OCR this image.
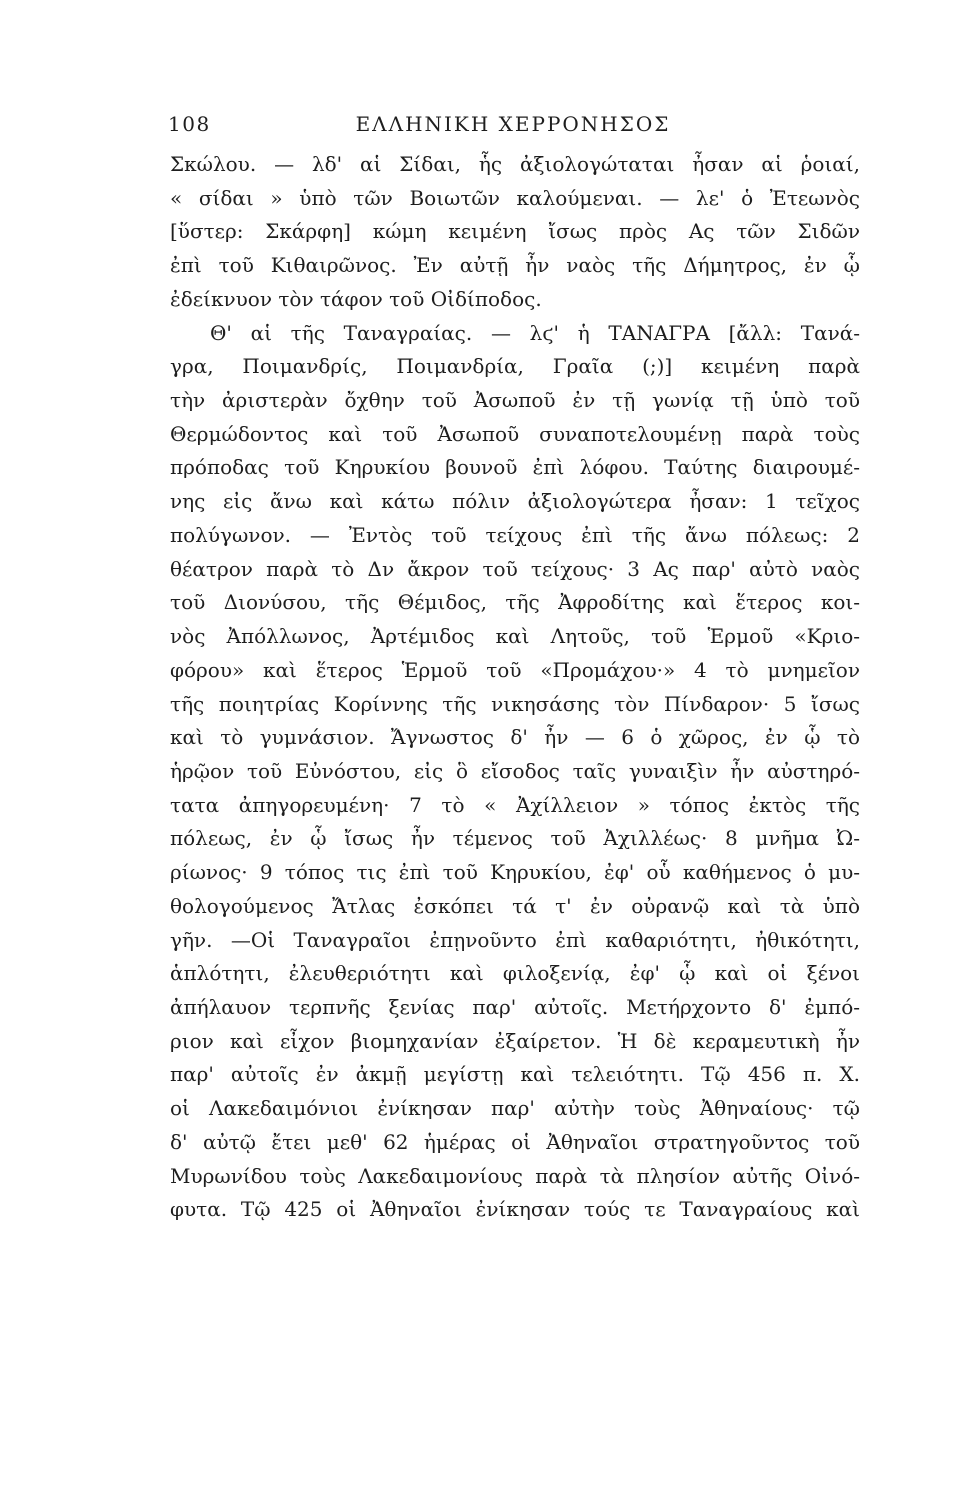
108	ΕΛΛΗΝΙΚΗ ΧΕΡΡΟΝΗΣΟΣ
Σκώλου. — λδ' αἱ Σίδαι, ἧς ἀξιολογώταται ἦσαν αἱ ῥοιαί,
« σίδαι » ὑπὸ τῶν Βοιωτῶν καλούμεναι. — λε' ὁ Ἐτεωνὸς
[ὕστερ: Σκάρφη] κώμη κειμένη ἴσως πρὸς Ας τῶν Σιδῶν
ἐπὶ τοῦ Κιθαιρῶνος. Ἐν αὐτῇ ἦν ναὸς τῆς Δήμητρος, ἐν ᾧ
ἐδείκνυον τὸν τάφον τοῦ Οἰδίποδος.
Θ' αἱ τῆς Ταναγραίας. — λϛ' ἡ ΤΑΝΑΓΡΑ [ἄλλ: Τανά-
γρα, Ποιμανδρίς, Ποιμανδρία, Γραῖα (;)] κειμένη παρὰ
τὴν ἀριστερὰν ὄχθην τοῦ Ἀσωποῦ ἐν τῇ γωνίᾳ τῇ ὑπὸ τοῦ
Θερμώδοντος καὶ τοῦ Ἀσωποῦ συναποτελουμένῃ παρὰ τοὺς
πρόποδας τοῦ Κηρυκίου βουνοῦ ἐπὶ λόφου. Ταύτης διαιρουμέ-
νης εἰς ἄνω καὶ κάτω πόλιν ἀξιολογώτερα ἦσαν: 1 τεῖχος
πολύγωνον. — Ἐντὸς τοῦ τείχους ἐπὶ τῆς ἄνω πόλεως: 2
θέατρον παρὰ τὸ Δν ἄκρον τοῦ τείχους· 3 Ας παρ' αὐτὸ ναὸς
τοῦ Διονύσου, τῆς Θέμιδος, τῆς Ἀφροδίτης καὶ ἕτερος κοι-
νὸς Ἀπόλλωνος, Ἀρτέμιδος καὶ Λητοῦς, τοῦ Ἑρμοῦ «Κριο-
φόρου» καὶ ἕτερος Ἑρμοῦ τοῦ «Προμάχου·» 4 τὸ μνημεῖον
τῆς ποιητρίας Κορίννης τῆς νικησάσης τὸν Πίνδαρον· 5 ἴσως
καὶ τὸ γυμνάσιον. Ἄγνωστος δ' ἦν — 6 ὁ χῶρος, ἐν ᾧ τὸ
ἡρῷον τοῦ Εὐνόστου, εἰς ὃ εἴσοδος ταῖς γυναιξὶν ἦν αὐστηρό-
τατα ἀπηγορευμένη· 7 τὸ « Ἀχίλλειον » τόπος ἐκτὸς τῆς
πόλεως, ἐν ᾧ ἴσως ἦν τέμενος τοῦ Ἀχιλλέως· 8 μνῆμα Ὠ-
ρίωνος· 9 τόπος τις ἐπὶ τοῦ Κηρυκίου, ἐφ' οὗ καθήμενος ὁ μυ-
θολογούμενος Ἄτλας ἐσκόπει τά τ' ἐν οὐρανῷ καὶ τὰ ὑπὸ
γῆν. —Οἱ Ταναγραῖοι ἐπῃνοῦντο ἐπὶ καθαριότητι, ἠθικότητι,
ἁπλότητι, ἐλευθεριότητι καὶ φιλοξενίᾳ, ἐφ' ᾧ καὶ οἱ ξένοι
ἀπήλαυον τερπνῆς ξενίας παρ' αὐτοῖς. Μετήρχοντο δ' ἐμπό-
ριον καὶ εἶχον βιομηχανίαν ἐξαίρετον. Ἡ δὲ κεραμευτικὴ ἦν
παρ' αὐτοῖς ἐν ἀκμῇ μεγίστῃ καὶ τελειότητι. Τῷ 456 π. Χ.
οἱ Λακεδαιμόνιοι ἐνίκησαν παρ' αὐτὴν τοὺς Ἀθηναίους· τῷ
δ' αὐτῷ ἔτει μεθ' 62 ἡμέρας οἱ Ἀθηναῖοι στρατηγοῦντος τοῦ
Μυρωνίδου τοὺς Λακεδαιμονίους παρὰ τὰ πλησίον αὐτῆς Οἰνό-
φυτα. Τῷ 425 οἱ Ἀθηναῖοι ἐνίκησαν τούς τε Ταναγραίους καὶ
